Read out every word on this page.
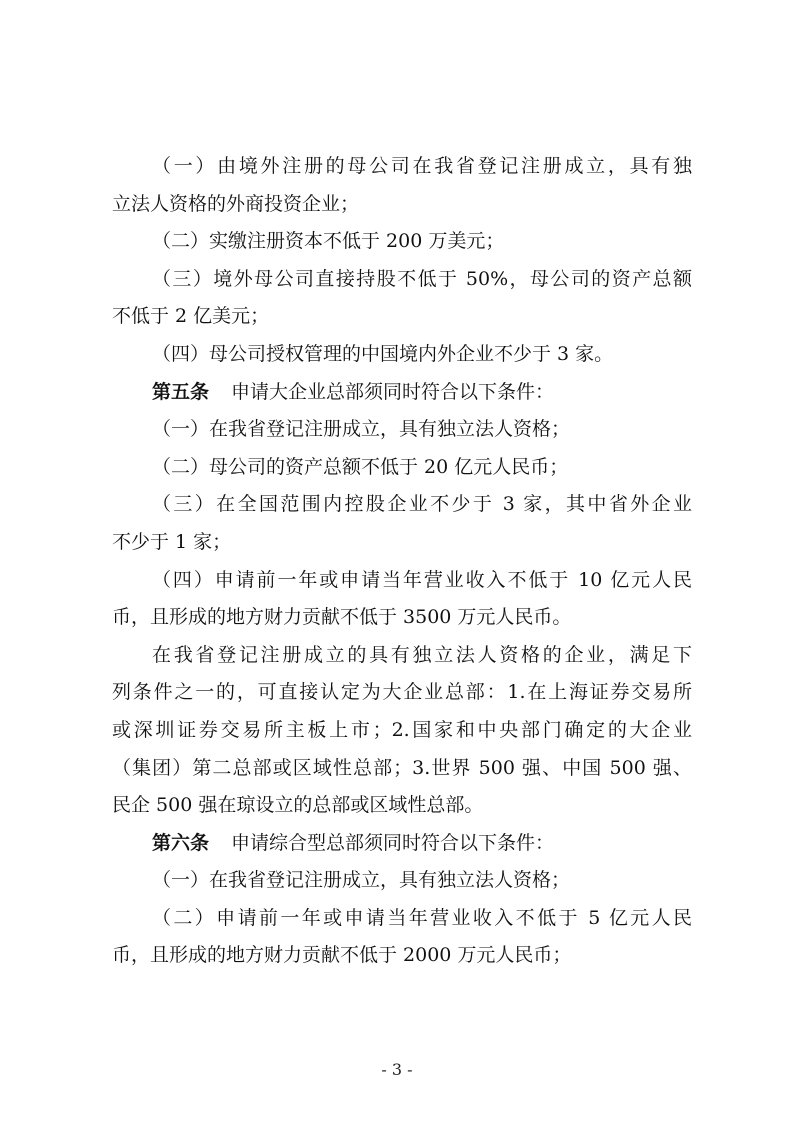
（一）由境外注册的母公司在我省登记注册成立，具有独
立法人资格的外商投资企业；
（二）实缴注册资本不低于 200 万美元；
（三）境外母公司直接持股不低于 50%，母公司的资产总额
不低于 2 亿美元；
（四）母公司授权管理的中国境内外企业不少于 3 家。
第五条 申请大企业总部须同时符合以下条件：
（一）在我省登记注册成立，具有独立法人资格；
（二）母公司的资产总额不低于 20 亿元人民币；
（三）在全国范围内控股企业不少于 3 家，其中省外企业
不少于 1 家；
（四）申请前一年或申请当年营业收入不低于 10 亿元人民
币，且形成的地方财力贡献不低于 3500 万元人民币。
在我省登记注册成立的具有独立法人资格的企业，满足下
列条件之一的，可直接认定为大企业总部：1.在上海证券交易所
或深圳证券交易所主板上市；2.国家和中央部门确定的大企业
（集团）第二总部或区域性总部；3.世界 500 强、中国 500 强、
民企 500 强在琼设立的总部或区域性总部。
第六条 申请综合型总部须同时符合以下条件：
（一）在我省登记注册成立，具有独立法人资格；
（二）申请前一年或申请当年营业收入不低于 5 亿元人民
币，且形成的地方财力贡献不低于 2000 万元人民币；
- 3 -
